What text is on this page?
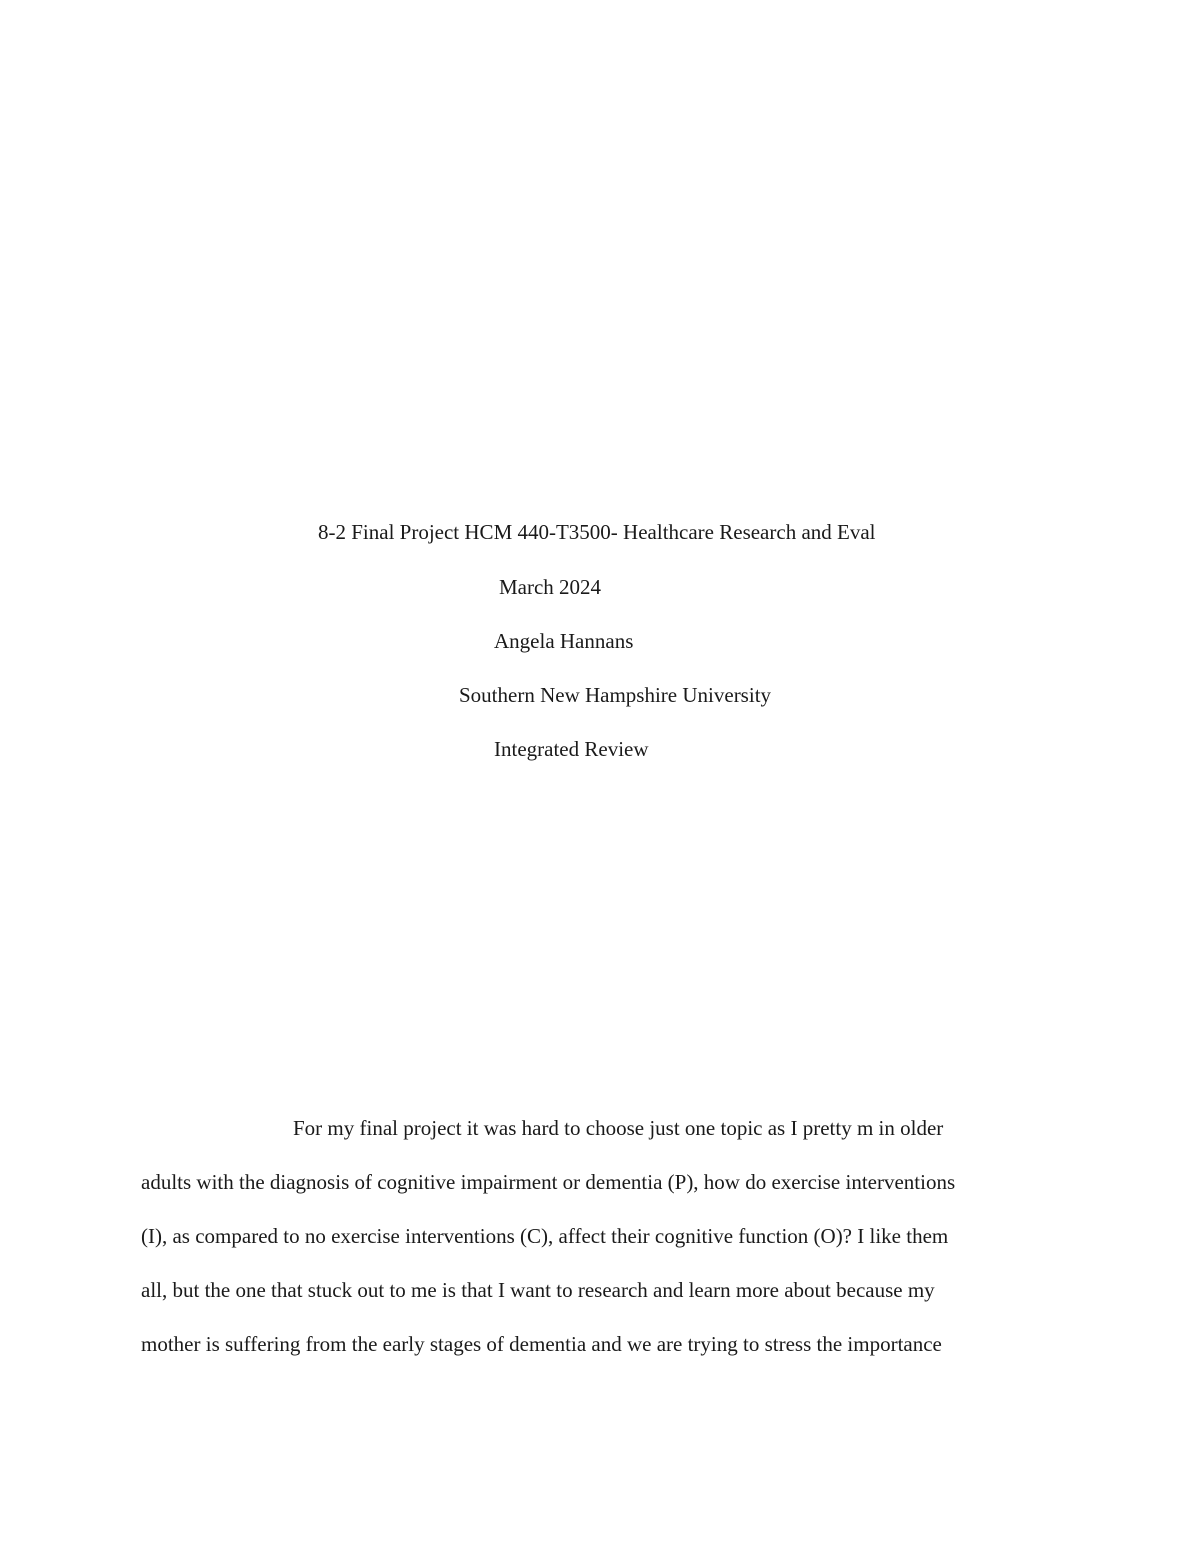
8-2 Final Project HCM 440-T3500- Healthcare Research and Eval
March 2024
Angela Hannans
Southern New Hampshire University
Integrated Review
For my final project it was hard to choose just one topic as I pretty m in older
adults with the diagnosis of cognitive impairment or dementia (P), how do exercise interventions
(I), as compared to no exercise interventions (C), affect their cognitive function (O)? I like them
all, but the one that stuck out to me is that I want to research and learn more about because my
mother is suffering from the early stages of dementia and we are trying to stress the importance
